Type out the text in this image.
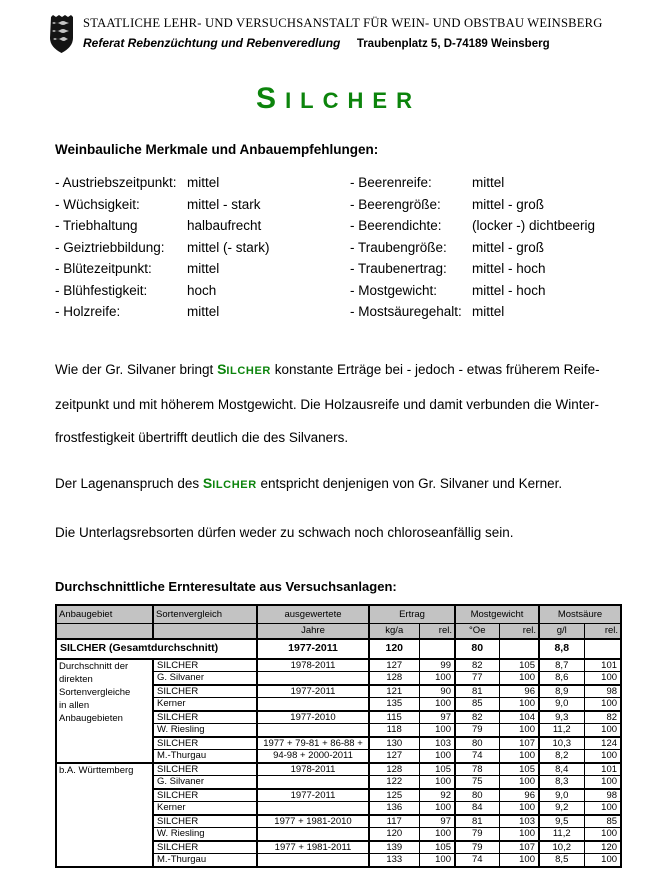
STAATLICHE LEHR- UND VERSUCHSANSTALT FÜR WEIN- UND OBSTBAU WEINSBERG
Referat Rebenzüchtung und Rebenveredlung Traubenplatz 5, D-74189 Weinsberg
SILCHER
Weinbauliche Merkmale und Anbauempfehlungen:
- Austriebszeitpunkt: mittel	- Beerenreife:	mittel
- Wüchsigkeit:	mittel - stark	- Beerengröße:	mittel - groß
- Triebhaltung	halbaufrecht	- Beerendichte:	(locker -) dichtbeerig
- Geiztriebbildung:	mittel (- stark)	- Traubengröße:	mittel - groß
- Blütezeitpunkt:	mittel	- Traubenertrag:	mittel - hoch
- Blühfestigkeit:	hoch	- Mostgewicht:	mittel - hoch
- Holzreife:	mittel	- Mostsäuregehalt: mittel

Wie der Gr. Silvaner bringt SILCHER konstante Erträge bei - jedoch - etwas früherem Reife-
zeitpunkt und mit höherem Mostgewicht. Die Holzausreife und damit verbunden die Winter-
frostfestigkeit übertrifft deutlich die des Silvaners.

Der Lagenanspruch des SILCHER entspricht denjenigen von Gr. Silvaner und Kerner.

Die Unterlagsrebsorten dürfen weder zu schwach noch chloroseanfällig sein.

Durchschnittliche Ernteresultate aus Versuchsanlagen:
Anbaugebiet	Sortenvergleich	ausgewertete	Ertrag		Mostgewicht		Mostsäure	
		Jahre	kg/a	rel.	°Oe	rel.	g/l	rel.
SILCHER (Gesamtdurchschnitt)		1977-2011	120		80		8,8	

Durchschnitt der
direkten
Sortenvergleiche
in allen
Anbaugebieten	SILCHER	1978-2011	127	99	82	105	8,7	101
	G. Silvaner		128	100	77	100	8,6	100
	SILCHER	1977-2011	121	90	81	96	8,9	98
	Kerner		135	100	85	100	9,0	100
	SILCHER	1977-2010	115	97	82	104	9,3	82
	W. Riesling		118	100	79	100	11,2	100
	SILCHER	1977 + 79-81 + 86-88 +	130	103	80	107	10,3	124
	M.-Thurgau	94-98 + 2000-2011	127	100	74	100	8,2	100

b.A. Württemberg	SILCHER	1978-2011	128	105	78	105	8,4	101
	G. Silvaner		122	100	75	100	8,3	100
	SILCHER	1977-2011	125	92	80	96	9,0	98
	Kerner		136	100	84	100	9,2	100
	SILCHER	1977 + 1981-2010	117	97	81	103	9,5	85
	W. Riesling		120	100	79	100	11,2	100
	SILCHER	1977 + 1981-2011	139	105	79	107	10,2	120
	M.-Thurgau		133	100	74	100	8,5	100
